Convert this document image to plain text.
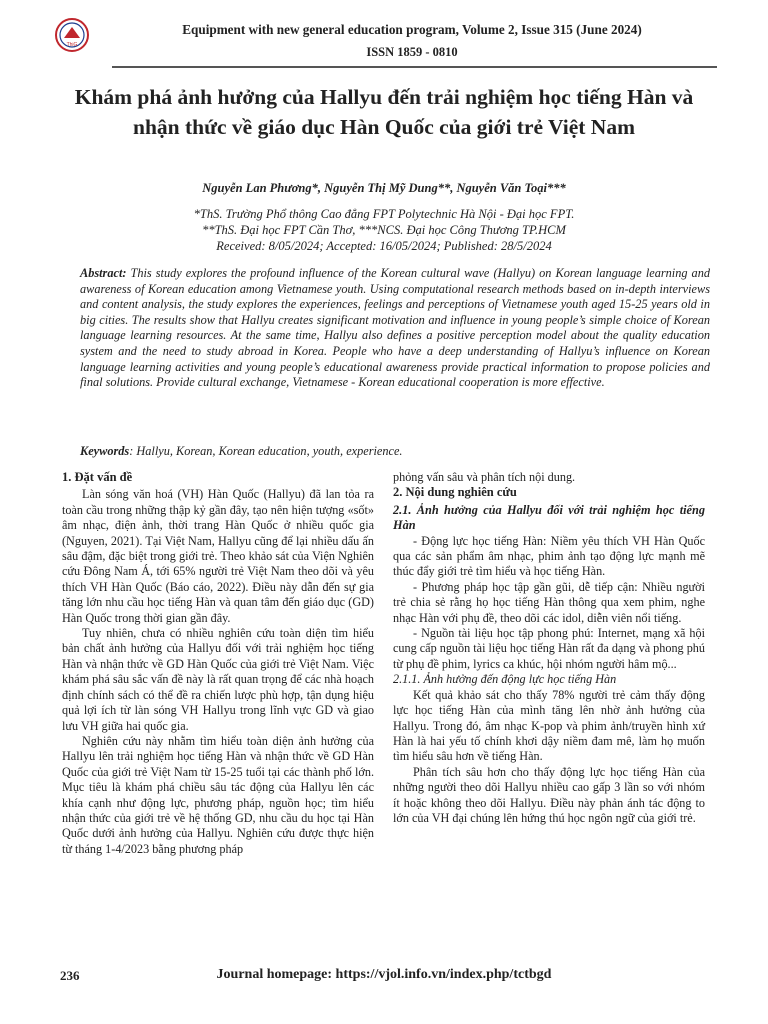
ThiG
Equipment with new general education program, Volume 2, Issue 315 (June 2024)
ISSN 1859 - 0810
Khám phá ảnh hưởng của Hallyu đến trải nghiệm học tiếng Hàn và nhận thức về giáo dục Hàn Quốc của giới trẻ Việt Nam
Nguyễn Lan Phương*, Nguyễn Thị Mỹ Dung**, Nguyễn Văn Toại***
*ThS. Trường Phổ thông Cao đẳng FPT Polytechnic Hà Nội - Đại học FPT.
**ThS. Đại học FPT Cần Thơ, ***NCS. Đại học Công Thương TP.HCM
Received: 8/05/2024; Accepted: 16/05/2024; Published: 28/5/2024
Abstract: This study explores the profound influence of the Korean cultural wave (Hallyu) on Korean language learning and awareness of Korean education among Vietnamese youth. Using computational research methods based on in-depth interviews and content analysis, the study explores the experiences, feelings and perceptions of Vietnamese youth aged 15-25 years old in big cities. The results show that Hallyu creates significant motivation and influence in young people’s simple choice of Korean language learning resources. At the same time, Hallyu also defines a positive perception model about the quality education system and the need to study abroad in Korea. People who have a deep understanding of Hallyu’s influence on Korean language learning activities and young people’s educational awareness provide practical information to propose policies and final solutions. Provide cultural exchange, Vietnamese - Korean educational cooperation is more effective.
Keywords: Hallyu, Korean, Korean education, youth, experience.
1. Đặt vấn đề

Làn sóng văn hoá (VH) Hàn Quốc (Hallyu) đã lan tỏa ra toàn cầu trong những thập kỷ gần đây, tạo nên hiện tượng «sốt» âm nhạc, điện ảnh, thời trang Hàn Quốc ở nhiều quốc gia (Nguyen, 2021). Tại Việt Nam, Hallyu cũng để lại nhiều dấu ấn sâu đậm, đặc biệt trong giới trẻ. Theo khảo sát của Viện Nghiên cứu Đông Nam Á, tới 65% người trẻ Việt Nam theo dõi và yêu thích VH Hàn Quốc (Báo cáo, 2022). Điều này dẫn đến sự gia tăng lớn nhu cầu học tiếng Hàn và quan tâm đến giáo dục (GD) Hàn Quốc trong thời gian gần đây.

Tuy nhiên, chưa có nhiều nghiên cứu toàn diện tìm hiểu bản chất ảnh hưởng của Hallyu đối với trải nghiệm học tiếng Hàn và nhận thức về GD Hàn Quốc của giới trẻ Việt Nam. Việc khám phá sâu sắc vấn đề này là rất quan trọng để các nhà hoạch định chính sách có thể đề ra chiến lược phù hợp, tận dụng hiệu quả lợi ích từ làn sóng VH Hallyu trong lĩnh vực GD và giao lưu VH giữa hai quốc gia.

Nghiên cứu này nhằm tìm hiểu toàn diện ảnh hưởng của Hallyu lên trải nghiệm học tiếng Hàn và nhận thức về GD Hàn Quốc của giới trẻ Việt Nam từ 15-25 tuổi tại các thành phố lớn. Mục tiêu là khám phá chiều sâu tác động của Hallyu lên các khía cạnh như động lực, phương pháp, nguồn học; tìm hiểu nhận thức của giới trẻ về hệ thống GD, nhu cầu du học tại Hàn Quốc dưới ảnh hưởng của Hallyu. Nghiên cứu được thực hiện từ tháng 1-4/2023 bằng phương pháp

phỏng vấn sâu và phân tích nội dung.

2. Nội dung nghiên cứu
2.1. Ảnh hưởng của Hallyu đối với trải nghiệm học tiếng Hàn

- Động lực học tiếng Hàn: Niềm yêu thích VH Hàn Quốc qua các sản phẩm âm nhạc, phim ảnh tạo động lực mạnh mẽ thúc đẩy giới trẻ tìm hiểu và học tiếng Hàn.

- Phương pháp học tập gần gũi, dễ tiếp cận: Nhiều người trẻ chia sẻ rằng họ học tiếng Hàn thông qua xem phim, nghe nhạc Hàn với phụ đề, theo dõi các idol, diễn viên nổi tiếng.

- Nguồn tài liệu học tập phong phú: Internet, mạng xã hội cung cấp nguồn tài liệu học tiếng Hàn rất đa dạng và phong phú từ phụ đề phim, lyrics ca khúc, hội nhóm người hâm mộ...

2.1.1. Ảnh hưởng đến động lực học tiếng Hàn

Kết quả khảo sát cho thấy 78% người trẻ cảm thấy động lực học tiếng Hàn của mình tăng lên nhờ ảnh hưởng của Hallyu. Trong đó, âm nhạc K-pop và phim ảnh/truyền hình xứ Hàn là hai yếu tố chính khơi dậy niềm đam mê, làm họ muốn tìm hiểu sâu hơn về tiếng Hàn.

Phân tích sâu hơn cho thấy động lực học tiếng Hàn của những người theo dõi Hallyu nhiều cao gấp 3 lần so với nhóm ít hoặc không theo dõi Hallyu. Điều này phản ánh tác động to lớn của VH đại chúng lên hứng thú học ngôn ngữ của giới trẻ.

236	Journal homepage: https://vjol.info.vn/index.php/tctbgd
